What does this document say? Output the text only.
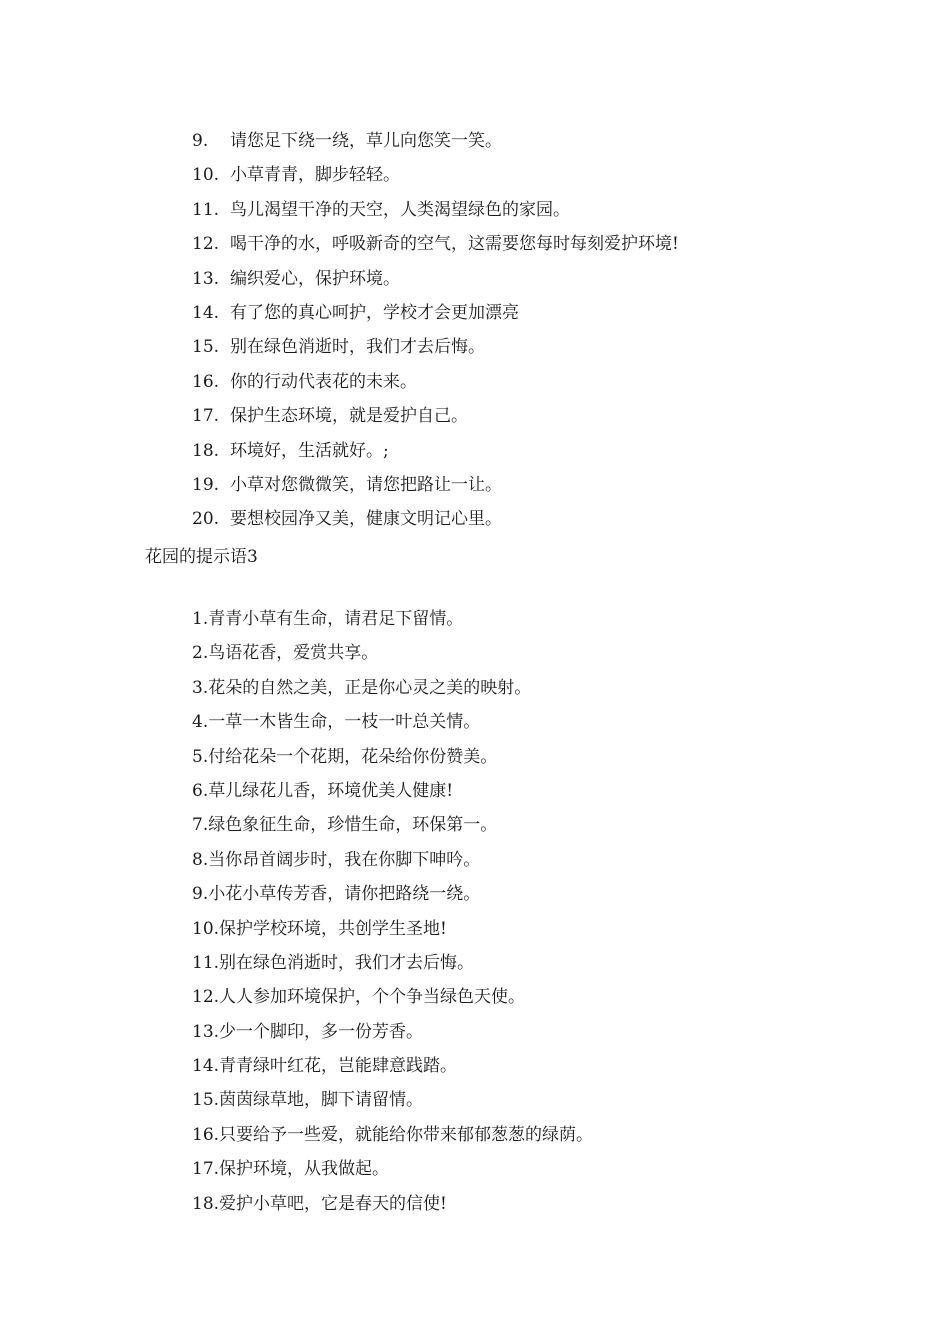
9. 请您足下绕一绕，草儿向您笑一笑。
10. 小草青青，脚步轻轻。
11. 鸟儿渴望干净的天空，人类渴望绿色的家园。
12. 喝干净的水，呼吸新奇的空气，这需要您每时每刻爱护环境!
13. 编织爱心，保护环境。
14. 有了您的真心呵护，学校才会更加漂亮
15. 别在绿色消逝时，我们才去后悔。
16. 你的行动代表花的未来。
17. 保护生态环境，就是爱护自己。
18. 环境好，生活就好。;
19. 小草对您微微笑，请您把路让一让。
20. 要想校园净又美，健康文明记心里。
花园的提示语3
1.青青小草有生命，请君足下留情。
2.鸟语花香，爱赏共享。
3.花朵的自然之美，正是你心灵之美的映射。
4.一草一木皆生命，一枝一叶总关情。
5.付给花朵一个花期，花朵给你份赞美。
6.草儿绿花儿香，环境优美人健康!
7.绿色象征生命，珍惜生命，环保第一。
8.当你昂首阔步时，我在你脚下呻吟。
9.小花小草传芳香，请你把路绕一绕。
10.保护学校环境，共创学生圣地!
11.别在绿色消逝时，我们才去后悔。
12.人人参加环境保护，个个争当绿色天使。
13.少一个脚印，多一份芳香。
14.青青绿叶红花，岂能肆意践踏。
15.茵茵绿草地，脚下请留情。
16.只要给予一些爱，就能给你带来郁郁葱葱的绿荫。
17.保护环境，从我做起。
18.爱护小草吧，它是春天的信使!
